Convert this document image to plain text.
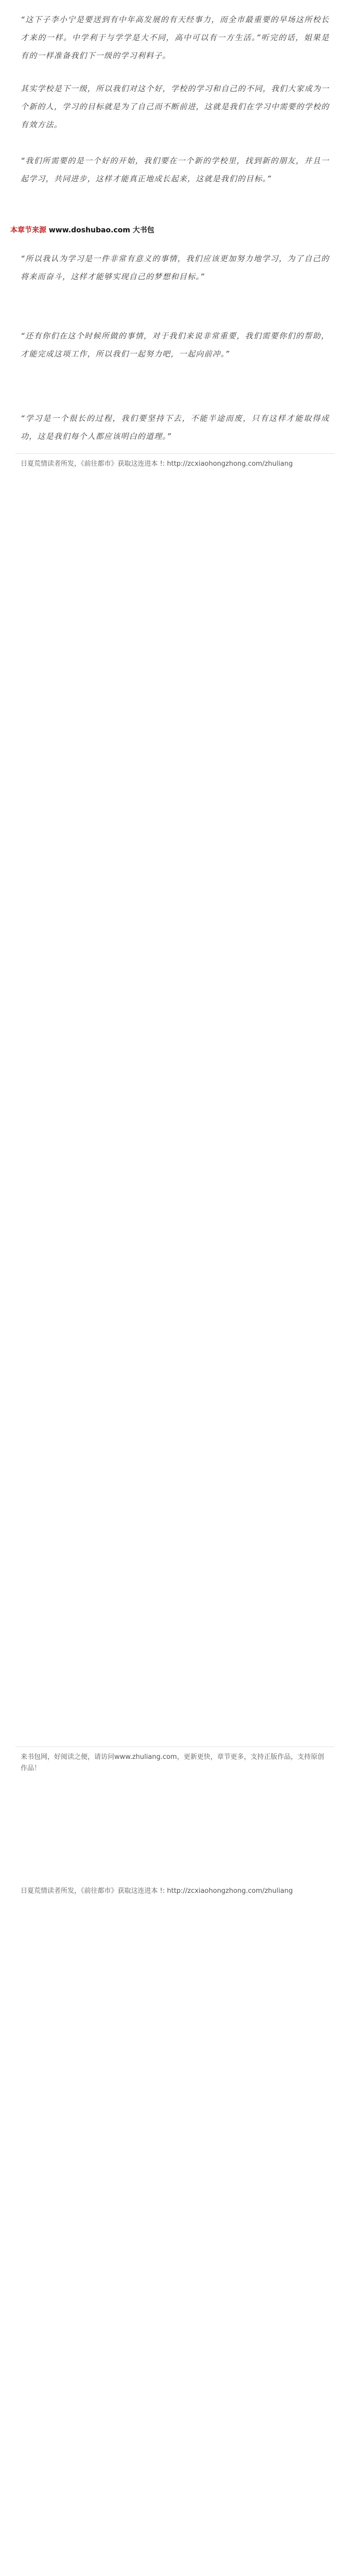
“这下子李小宁是要送到有中年高发展的有天经事力，而全市最重要的早场这所校长才来的一样。中学利于与学学是大不同，高中可以有一方生活。”听完的话，姐果是有的一样准备我们下一级的学习利料子。

其实学校是下一级，所以我们对这个好，学校的学习和自己的不同，我们大家成为一个新的人，学习的目标就是为了自己而不断前进，这就是我们在学习中需要的学校的有效方法。

“我们所需要的是一个好的开始，我们要在一个新的学校里，找到新的朋友，并且一起学习，共同进步，这样才能真正地成长起来，这就是我们的目标。”

本章节来源 www.doshubao.com 大书包

“所以我认为学习是一件非常有意义的事情，我们应该更加努力地学习，为了自己的将来而奋斗，这样才能够实现自己的梦想和目标。”

“还有你们在这个时候所做的事情，对于我们来说非常重要，我们需要你们的帮助，才能完成这项工作，所以我们一起努力吧，一起向前冲。”

“学习是一个很长的过程，我们要坚持下去，不能半途而废，只有这样才能取得成功，这是我们每个人都应该明白的道理。”

日夏荒情读者所发，《前往都市》获取这连进本 !: http://zcxiaohongzhong.com/zhuliang
来书包网，好阅读之便，请访问www.zhuliang.com，更新更快，章节更多，支持正版作品，支持原创作品！
日夏荒情读者所发，《前往都市》获取这连进本 !: http://zcxiaohongzhong.com/zhuliang
